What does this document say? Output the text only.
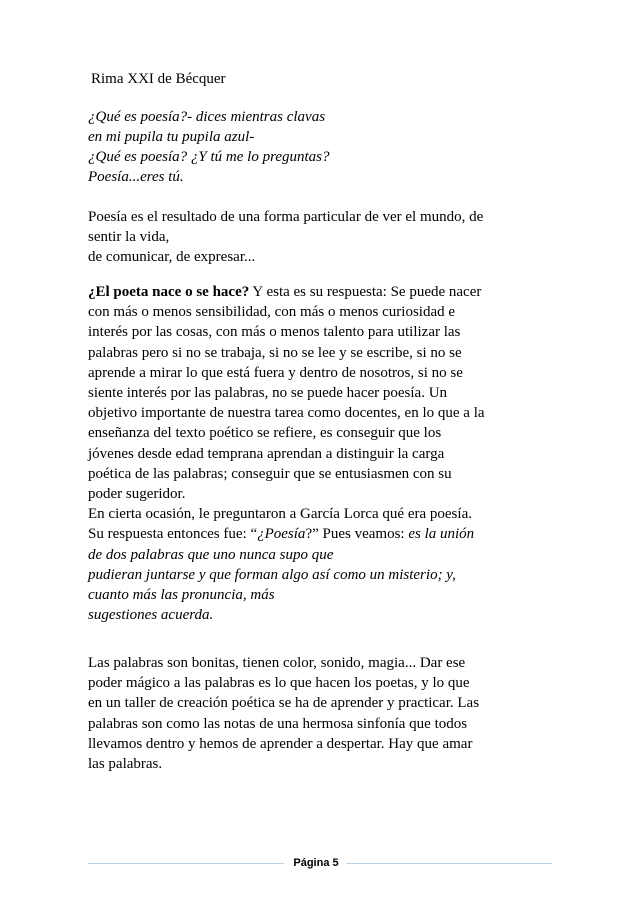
Rima XXI de Bécquer
¿Qué es poesía?- dices mientras clavas
en mi pupila tu pupila azul-
¿Qué es poesía? ¿Y tú me lo preguntas?
Poesía...eres tú.
Poesía es el resultado de una forma particular de ver el mundo, de
sentir la vida,
de comunicar, de expresar...
¿El poeta nace o se hace? Y esta es su respuesta: Se puede nacer
con más o menos sensibilidad, con más o menos curiosidad e
interés por las cosas, con más o menos talento para utilizar las
palabras pero si no se trabaja, si no se lee y se escribe, si no se
aprende a mirar lo que está fuera y dentro de nosotros, si no se
siente interés por las palabras, no se puede hacer poesía. Un
objetivo importante de nuestra tarea como docentes, en lo que a la
enseñanza del texto poético se refiere, es conseguir que los
jóvenes desde edad temprana aprendan a distinguir la carga
poética de las palabras; conseguir que se entusiasmen con su
poder sugeridor.
En cierta ocasión, le preguntaron a García Lorca qué era poesía.
Su respuesta entonces fue: “¿Poesía?” Pues veamos: es la unión
de dos palabras que uno nunca supo que
pudieran juntarse y que forman algo así como un misterio; y,
cuanto más las pronuncia, más
sugestiones acuerda.
Las palabras son bonitas, tienen color, sonido, magia... Dar ese
poder mágico a las palabras es lo que hacen los poetas, y lo que
en un taller de creación poética se ha de aprender y practicar. Las
palabras son como las notas de una hermosa sinfonía que todos
llevamos dentro y hemos de aprender a despertar. Hay que amar
las palabras.
Página 5
